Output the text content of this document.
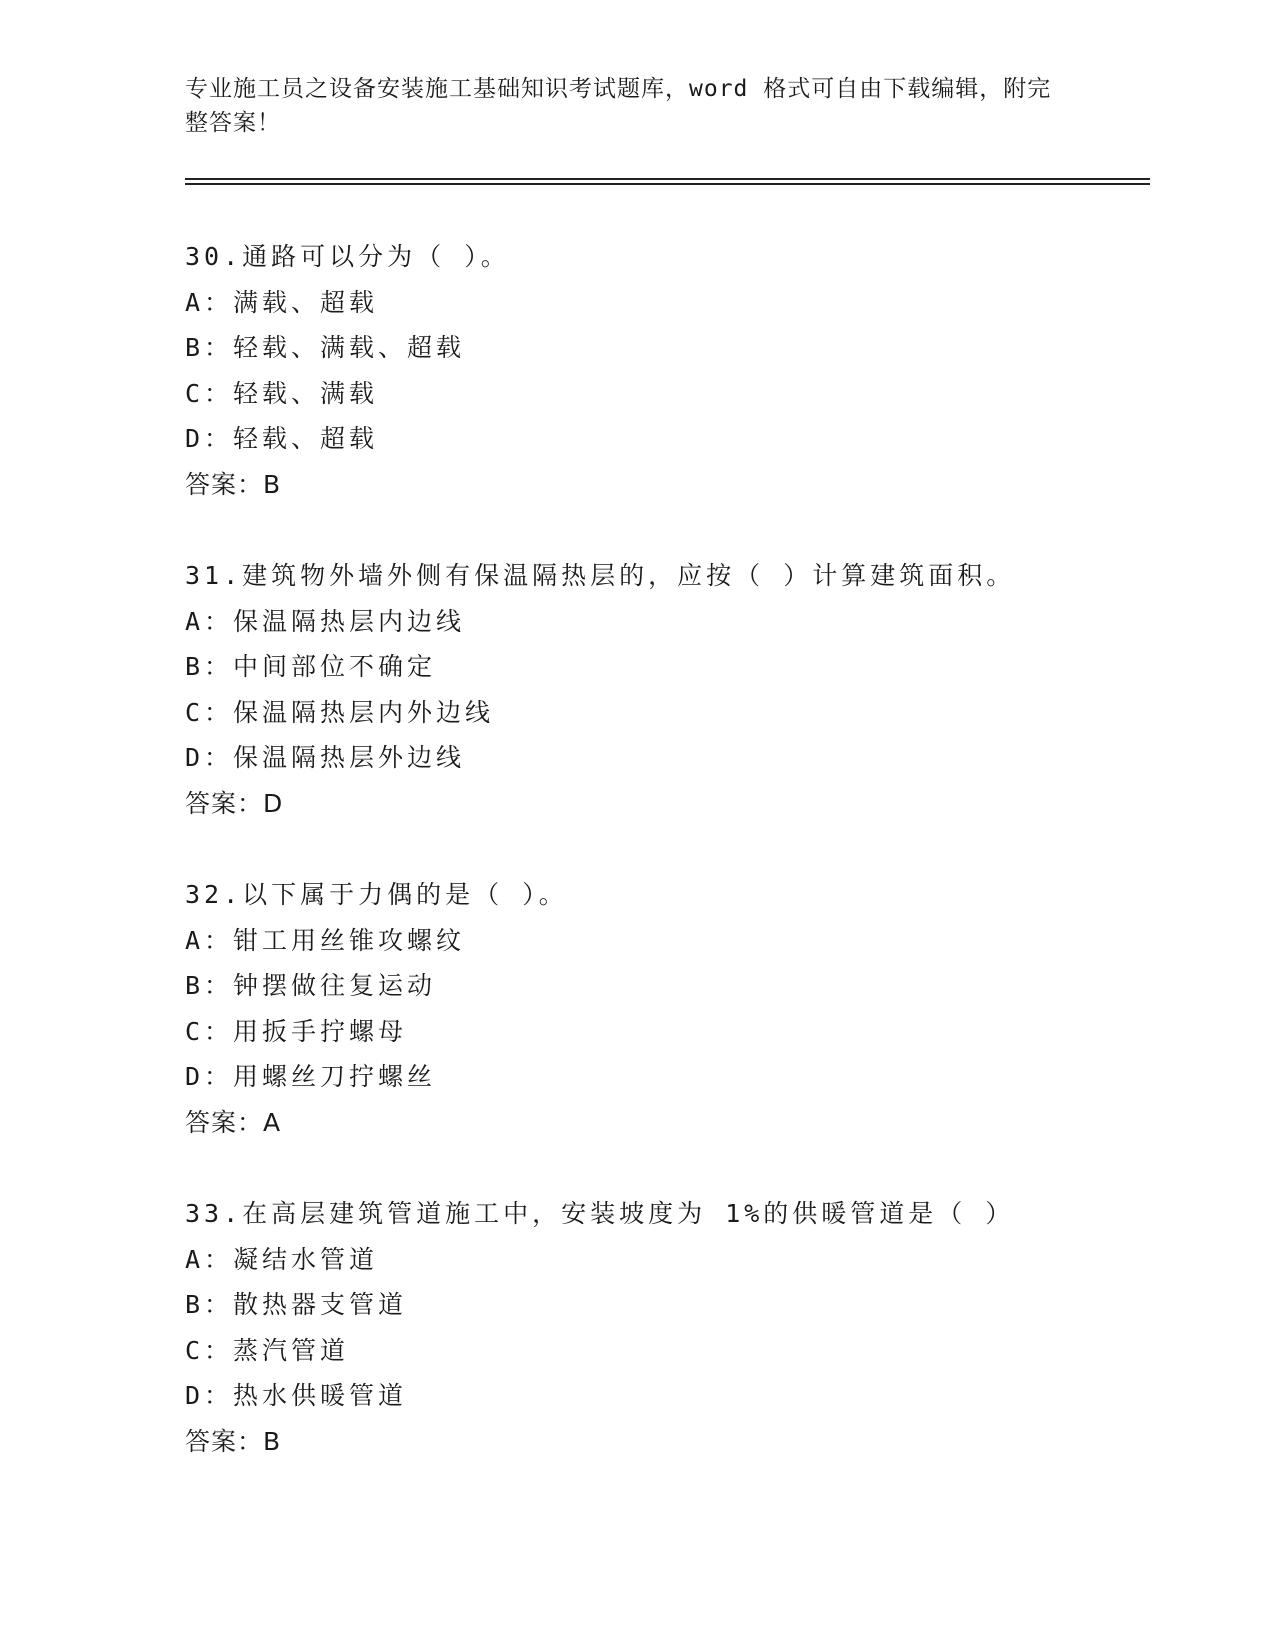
专业施工员之设备安装施工基础知识考试题库，word 格式可自由下载编辑，附完整答案！
30.通路可以分为（ ）。
A：满载、超载
B：轻载、满载、超载
C：轻载、满载
D：轻载、超载
答案：B
31.建筑物外墙外侧有保温隔热层的，应按（ ）计算建筑面积。
A：保温隔热层内边线
B：中间部位不确定
C：保温隔热层内外边线
D：保温隔热层外边线
答案：D
32.以下属于力偶的是（ ）。
A：钳工用丝锥攻螺纹
B：钟摆做往复运动
C：用扳手拧螺母
D：用螺丝刀拧螺丝
答案：A
33.在高层建筑管道施工中，安装坡度为 1%的供暖管道是（ ）
A：凝结水管道
B：散热器支管道
C：蒸汽管道
D：热水供暖管道
答案：B
